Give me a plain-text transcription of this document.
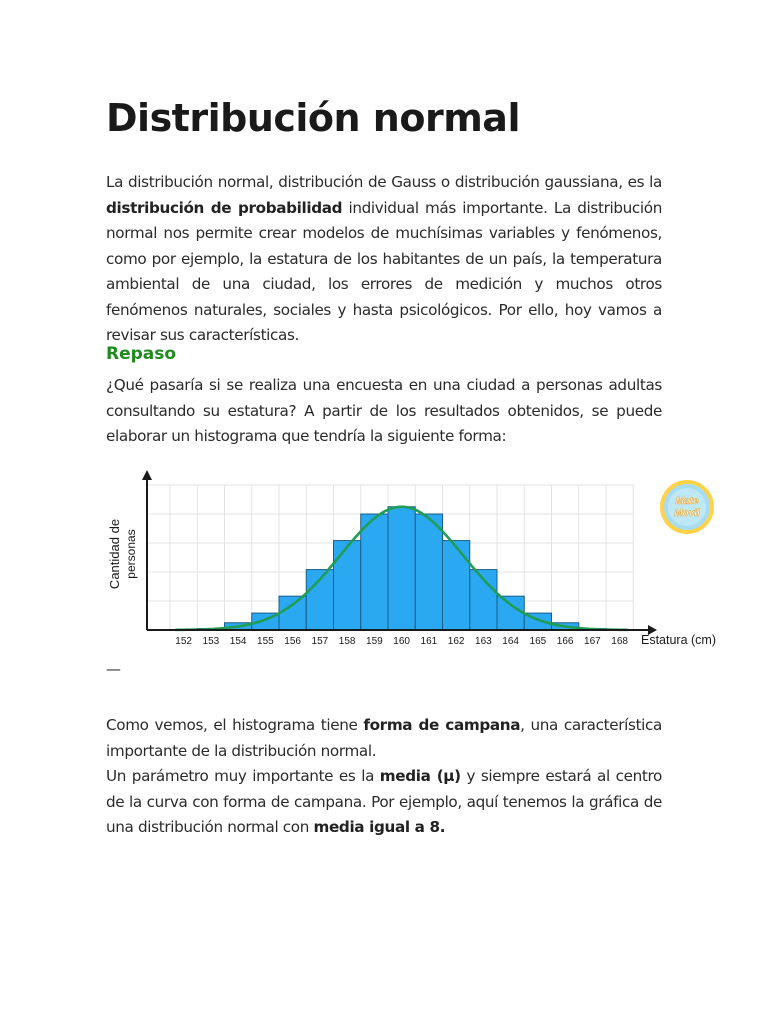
Distribución normal

La distribución normal, distribución de Gauss o distribución gaussiana, es la distribución de probabilidad individual más importante. La distribución normal nos permite crear modelos de muchísimas variables y fenómenos, como por ejemplo, la estatura de los habitantes de un país, la temperatura ambiental de una ciudad, los errores de medición y muchos otros fenómenos naturales, sociales y hasta psicológicos. Por ello, hoy vamos a revisar sus características.

Repaso

¿Qué pasaría si se realiza una encuesta en una ciudad a personas adultas consultando su estatura? A partir de los resultados obtenidos, se puede elaborar un histograma que tendría la siguiente forma:

152 153 154 155 156 157 158 159 160 161 162 163 164 165 166 167 168 Estatura (cm)
Cantidad de personas
Mate
Movil

—

Como vemos, el histograma tiene forma de campana, una característica importante de la distribución normal.

Un parámetro muy importante es la media (μ) y siempre estará al centro de la curva con forma de campana. Por ejemplo, aquí tenemos la gráfica de una distribución normal con media igual a 8.
